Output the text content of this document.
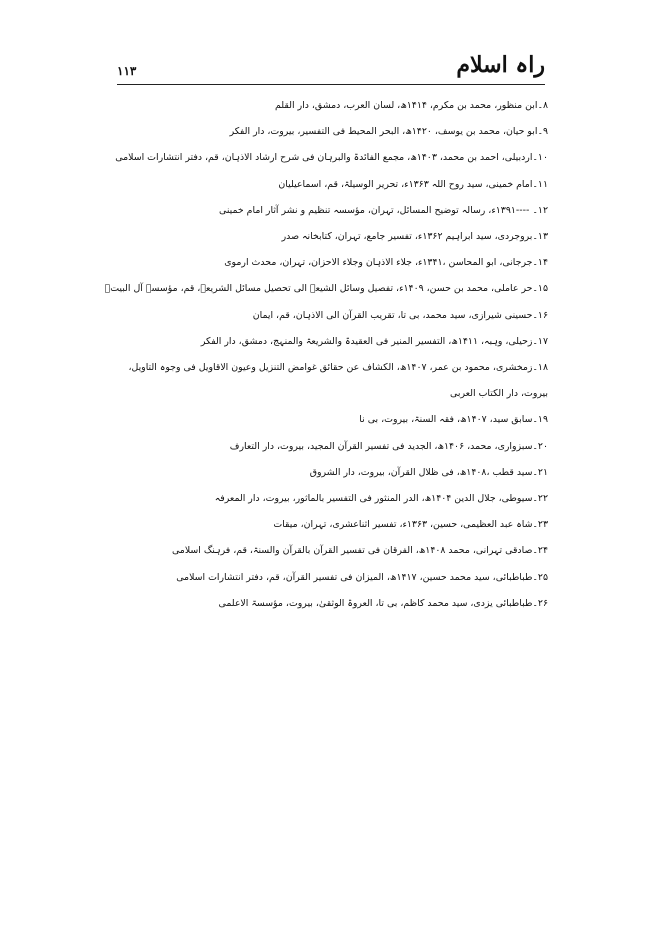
راہ اسلام
۱۱۳
۸۔ابن منظور، محمد بن مکرم، ۱۴۱۴ھ، لسان العرب، دمشق، دار القلم
۹۔ابو حیان، محمد بن یوسف، ۱۴۲۰ھ، البحر المحیط فی التفسیر، بیروت، دار الفکر
۱۰۔اردبیلی، احمد بن محمد، ۱۴۰۳ھ، مجمع الفائدۃ والبرہان فی شرح ارشاد الاذہان، قم، دفتر انتشارات اسلامی
۱۱۔امام خمینی، سید روح اللہ ۱۳۶۳ء، تحریر الوسیلۃ، قم، اسماعیلیان
۱۲۔ ----۱۳۹۱ء، رسالہ توضیح المسائل، تہران، مؤسسہ تنظیم و نشر آثار امام خمینی
۱۳۔بروجردی، سید ابراہیم ۱۳۶۲ء، تفسیر جامع، تہران، کتابخانہ صدر
۱۴۔جرجانی، ابو المحاسن ،۱۳۴۱ء، جلاء الاذہان وجلاء الاحزان، تہران، محدث ارموی
۱۵۔حر عاملی، محمد بن حسن، ۱۴۰۹ء، تفصیل وسائل الشیعۃ الی تحصیل مسائل الشریعۃ، قم، مؤسسہ آل البیتؑ
۱۶۔حسینی شیرازی، سید محمد، بی تا، تقریب القرآن الی الاذہان، قم، ایمان
۱۷۔زحیلی، وہبہ، ۱۴۱۱ھ، التفسیر المنیر فی العقیدۃ والشریعۃ والمنہج، دمشق، دار الفکر
۱۸۔زمخشری، محمود بن عمر، ۱۴۰۷ھ، الکشاف عن حقائق غوامض التنزیل وعیون الاقاویل فی وجوہ التاویل، بیروت، دار الکتاب العربی
۱۹۔سابق سید، ۱۴۰۷ھ، فقہ السنۃ، بیروت، بی نا
۲۰۔سبزواری، محمد، ۱۴۰۶ھ، الجدید فی تفسیر القرآن المجید، بیروت، دار التعارف
۲۱۔سید قطب ،۱۴۰۸ھ، فی ظلال القرآن، بیروت، دار الشروق
۲۲۔سیوطی، جلال الدین ۱۴۰۴ھ، الدر المنثور فی التفسیر بالماثور، بیروت، دار المعرفہ
۲۳۔شاہ عبد العظیمی، حسین، ۱۳۶۳ء، تفسیر اثناعشری، تہران، میقات
۲۴۔صادقی تہرانی، محمد ۱۴۰۸ھ، الفرقان فی تفسیر القرآن بالقرآن والسنۃ، قم، فرہنگ اسلامی
۲۵۔طباطبائی، سید محمد حسین، ۱۴۱۷ھ، المیزان فی تفسیر القرآن، قم، دفتر انتشارات اسلامی
۲۶۔طباطبائی یزدی، سید محمد کاظم، بی تا، العروۃ الوثقیٰ، بیروت، مؤسسۃ الاعلمی
